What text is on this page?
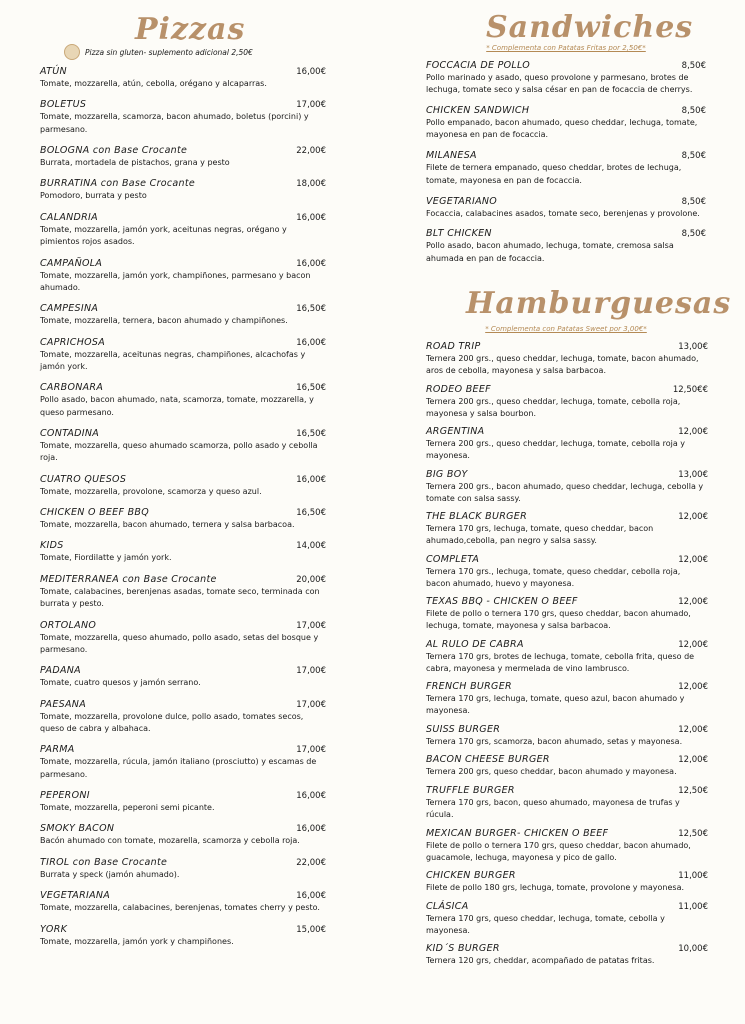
Pizzas
Pizza sin gluten- suplemento adicional 2,50€
ATÚN	16,00€
Tomate, mozzarella, atún, cebolla, orégano y alcaparras.
BOLETUS	17,00€
Tomate, mozzarella, scamorza, bacon ahumado, boletus (porcini) y parmesano.
BOLOGNA con Base Crocante	22,00€
Burrata, mortadela de pistachos, grana y pesto
BURRATINA con Base Crocante	18,00€
Pomodoro, burrata y pesto
CALANDRIA	16,00€
Tomate, mozzarella, jamón york, aceitunas negras, orégano y pimientos rojos asados.
CAMPAÑOLA	16,00€
Tomate, mozzarella, jamón york, champiñones, parmesano y bacon ahumado.
CAMPESINA	16,50€
Tomate, mozzarella, ternera, bacon ahumado y champiñones.
CAPRICHOSA	16,00€
Tomate, mozzarella, aceitunas negras, champiñones, alcachofas y jamón york.
CARBONARA	16,50€
Pollo asado, bacon ahumado, nata, scamorza, tomate, mozzarella, y queso parmesano.
CONTADINA	16,50€
Tomate, mozzarella, queso ahumado scamorza, pollo asado y cebolla roja.
CUATRO QUESOS	16,00€
Tomate, mozzarella, provolone, scamorza y queso azul.
CHICKEN O BEEF BBQ	16,50€
Tomate, mozzarella, bacon ahumado, ternera y salsa barbacoa.
KIDS	14,00€
Tomate, Fiordilatte y jamón york.
MEDITERRANEA con Base Crocante	20,00€
Tomate, calabacines, berenjenas asadas, tomate seco, terminada con burrata y pesto.
ORTOLANO	17,00€
Tomate, mozzarella, queso ahumado, pollo asado, setas del bosque y parmesano.
PADANA	17,00€
Tomate, cuatro quesos y jamón serrano.
PAESANA	17,00€
Tomate, mozzarella, provolone dulce, pollo asado, tomates secos, queso de cabra y albahaca.
PARMA	17,00€
Tomate, mozzarella, rúcula, jamón italiano (prosciutto) y escamas de parmesano.
PEPERONI	16,00€
Tomate, mozzarella, peperoni semi picante.
SMOKY BACON	16,00€
Bacón ahumado con tomate, mozarella, scamorza y cebolla roja.
TIROL con Base Crocante	22,00€
Burrata y speck (jamón ahumado).
VEGETARIANA	16,00€
Tomate, mozzarella, calabacines, berenjenas, tomates cherry y pesto.
YORK	15,00€
Tomate, mozzarella, jamón york y champiñones.
Sandwiches
* Complementa con Patatas Fritas por 2,50€*
FOCCACIA DE POLLO	8,50€
Pollo marinado y asado, queso provolone y parmesano, brotes de lechuga, tomate seco y salsa césar en pan de focaccia de cherrys.
CHICKEN SANDWICH	8,50€
Pollo empanado, bacon ahumado, queso cheddar, lechuga, tomate, mayonesa en pan de focaccia.
MILANESA	8,50€
Filete de ternera empanado, queso cheddar, brotes de lechuga, tomate, mayonesa en pan de focaccia.
VEGETARIANO	8,50€
Focaccia, calabacines asados, tomate seco, berenjenas y provolone.
BLT CHICKEN	8,50€
Pollo asado, bacon ahumado, lechuga, tomate, cremosa salsa ahumada en pan de focaccia.
Hamburguesas
* Complementa con Patatas Sweet por 3,00€*
ROAD TRIP	13,00€
Ternera 200 grs., queso cheddar, lechuga, tomate, bacon ahumado, aros de cebolla, mayonesa y salsa barbacoa.
RODEO BEEF	12,50€€
Ternera 200 grs., queso cheddar, lechuga, tomate, cebolla roja, mayonesa y salsa bourbon.
ARGENTINA	12,00€
Ternera 200 grs., queso cheddar, lechuga, tomate, cebolla roja y mayonesa.
BIG BOY	13,00€
Ternera 200 grs., bacon ahumado, queso cheddar, lechuga, cebolla y tomate con salsa sassy.
THE BLACK BURGER	12,00€
Ternera 170 grs, lechuga, tomate, queso cheddar, bacon ahumado,cebolla, pan negro y salsa sassy.
COMPLETA	12,00€
Ternera 170 grs., lechuga, tomate, queso cheddar, cebolla roja, bacon ahumado, huevo y mayonesa.
TEXAS BBQ - CHICKEN O BEEF	12,00€
Filete de pollo o ternera 170 grs, queso cheddar, bacon ahumado, lechuga, tomate, mayonesa y salsa barbacoa.
AL RULO DE CABRA	12,00€
Ternera 170 grs, brotes de lechuga, tomate, cebolla frita, queso de cabra, mayonesa y mermelada de vino lambrusco.
FRENCH BURGER	12,00€
Ternera 170 grs, lechuga, tomate, queso azul, bacon ahumado y mayonesa.
SUISS BURGER	12,00€
Ternera 170 grs, scamorza, bacon ahumado, setas y mayonesa.
BACON CHEESE BURGER	12,00€
Ternera 200 grs, queso cheddar, bacon ahumado y mayonesa.
TRUFFLE BURGER	12,50€
Ternera 170 grs, bacon, queso ahumado, mayonesa de trufas y rúcula.
MEXICAN BURGER- CHICKEN O BEEF	12,50€
Filete de pollo o ternera 170 grs, queso cheddar, bacon ahumado, guacamole, lechuga, mayonesa y pico de gallo.
CHICKEN BURGER	11,00€
Filete de pollo 180 grs, lechuga, tomate, provolone y mayonesa.
CLÁSICA	11,00€
Ternera 170 grs, queso cheddar, lechuga, tomate, cebolla y mayonesa.
KID´S BURGER	10,00€
Ternera 120 grs, cheddar, acompañado de patatas fritas.
